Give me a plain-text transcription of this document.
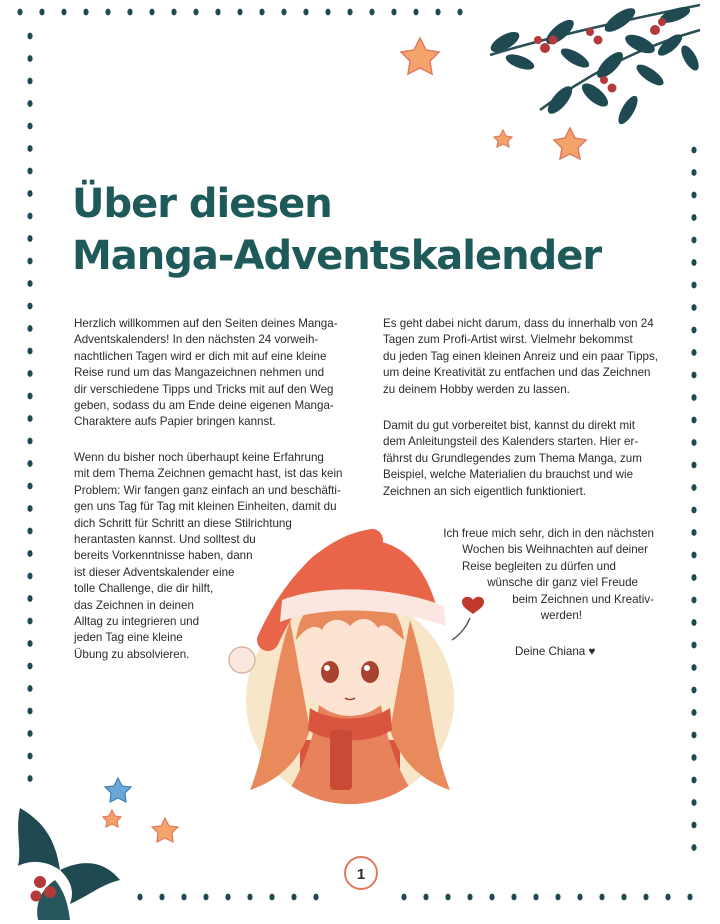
Über diesen
Manga-Adventskalender

Herzlich willkommen auf den Seiten deines Manga-
Adventskalenders! In den nächsten 24 vorweih-
nachtlichen Tagen wird er dich mit auf eine kleine
Reise rund um das Mangazeichnen nehmen und
dir verschiedene Tipps und Tricks mit auf den Weg
geben, sodass du am Ende deine eigenen Manga-
Charaktere aufs Papier bringen kannst.

Wenn du bisher noch überhaupt keine Erfahrung
mit dem Thema Zeichnen gemacht hast, ist das kein
Problem: Wir fangen ganz einfach an und beschäfti-
gen uns Tag für Tag mit kleinen Einheiten, damit du
dich Schritt für Schritt an diese Stilrichtung
herantasten kannst. Und solltest du
bereits Vorkenntnisse haben, dann
ist dieser Adventskalender eine
tolle Challenge, die dir hilft,
das Zeichnen in deinen
Alltag zu integrieren und
jeden Tag eine kleine
Übung zu absolvieren.

Es geht dabei nicht darum, dass du innerhalb von 24
Tagen zum Profi-Artist wirst. Vielmehr bekommst
du jeden Tag einen kleinen Anreiz und ein paar Tipps,
um deine Kreativität zu entfachen und das Zeichnen
zu deinem Hobby werden zu lassen.

Damit du gut vorbereitet bist, kannst du direkt mit
dem Anleitungsteil des Kalenders starten. Hier er-
fährst du Grundlegendes zum Thema Manga, zum
Beispiel, welche Materialien du brauchst und wie
Zeichnen an sich eigentlich funktioniert.

Ich freue mich sehr, dich in den nächsten
Wochen bis Weihnachten auf deiner
Reise begleiten zu dürfen und
wünsche dir ganz viel Freude
beim Zeichnen und Kreativ-
werden!

Deine Chiana ♥

1
